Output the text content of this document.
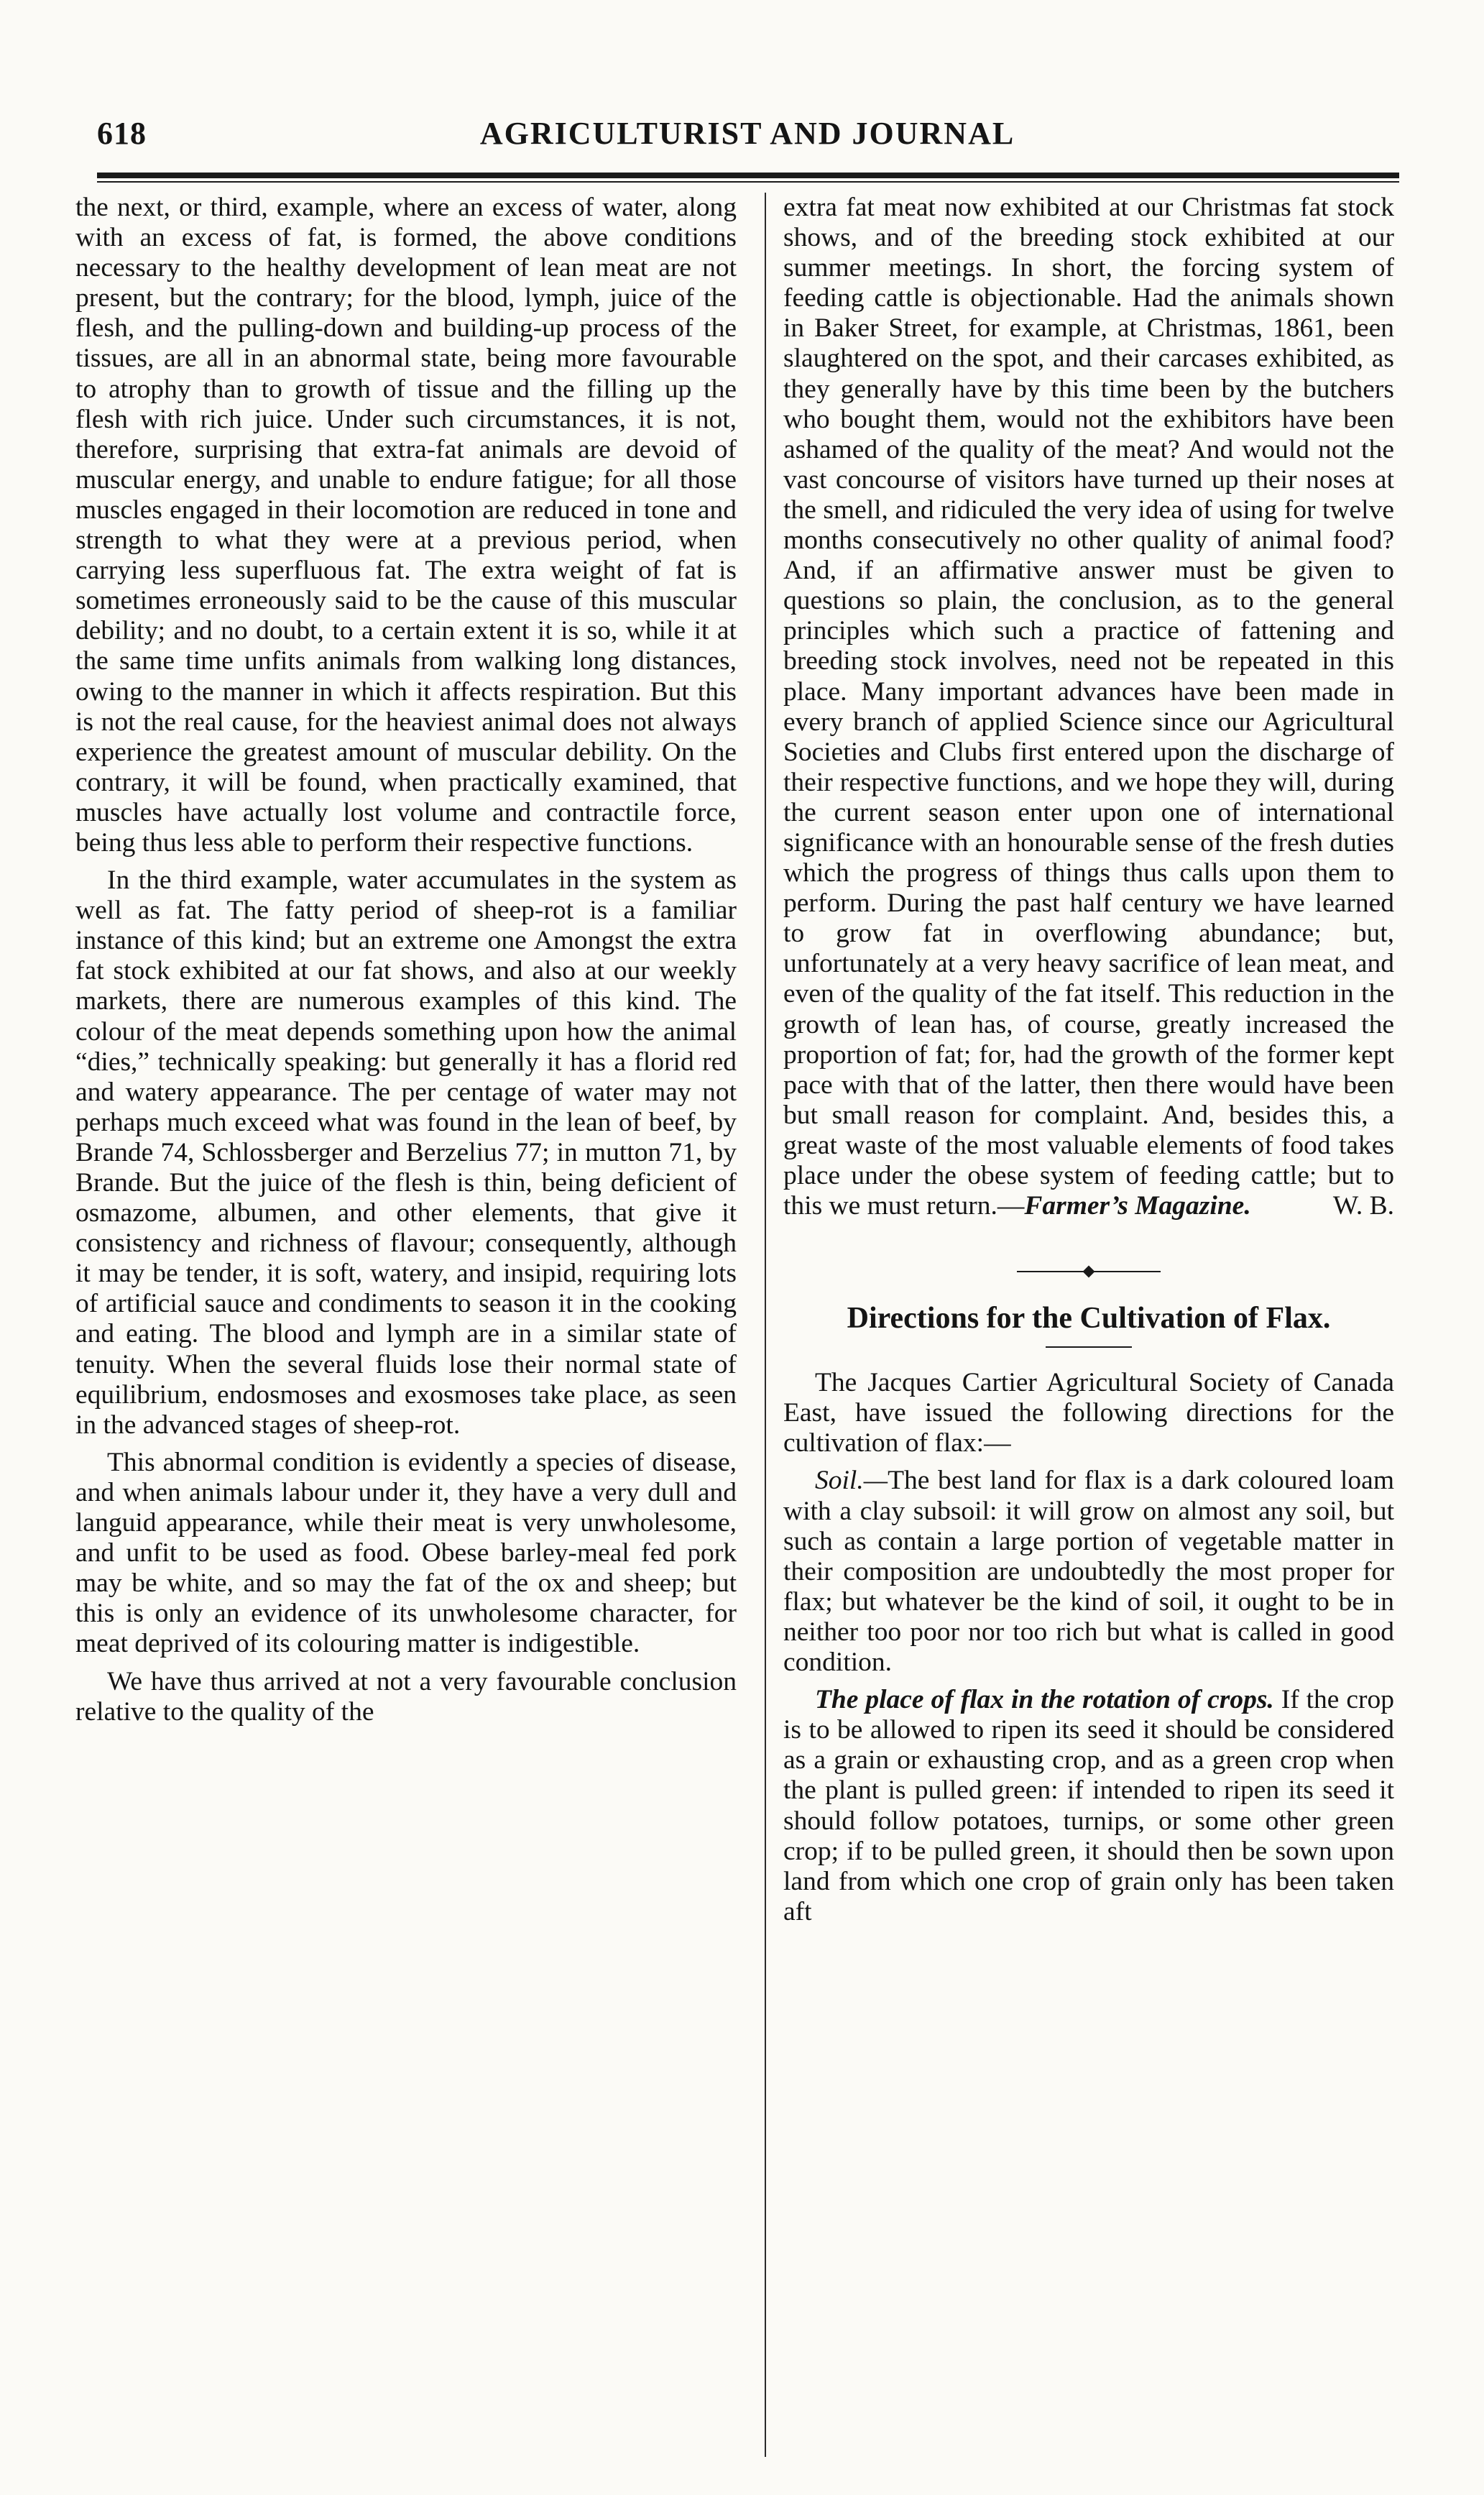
618	AGRICULTURIST AND JOURNAL

the next, or third, example, where an excess of water, along with an excess of fat, is formed, the above conditions necessary to the healthy development of lean meat are not present, but the contrary; for the blood, lymph, juice of the flesh, and the pulling-down and building-up process of the tissues, are all in an abnormal state, being more favourable to atrophy than to growth of tissue and the filling up the flesh with rich juice. Under such circumstances, it is not, therefore, surprising that extra-fat animals are devoid of muscular energy, and unable to endure fatigue; for all those muscles engaged in their locomotion are reduced in tone and strength to what they were at a previous period, when carrying less superfluous fat. The extra weight of fat is sometimes erroneously said to be the cause of this muscular debility; and no doubt, to a certain extent it is so, while it at the same time unfits animals from walking long distances, owing to the manner in which it affects respiration. But this is not the real cause, for the heaviest animal does not always experience the greatest amount of muscular debility. On the contrary, it will be found, when practically examined, that muscles have actually lost volume and contractile force, being thus less able to perform their respective functions.

In the third example, water accumulates in the system as well as fat. The fatty period of sheep-rot is a familiar instance of this kind; but an extreme one Amongst the extra fat stock exhibited at our fat shows, and also at our weekly markets, there are numerous examples of this kind. The colour of the meat depends something upon how the animal “dies,” technically speaking: but generally it has a florid red and watery appearance. The per centage of water may not perhaps much exceed what was found in the lean of beef, by Brande 74, Schlossberger and Berzelius 77; in mutton 71, by Brande. But the juice of the flesh is thin, being deficient of osmazome, albumen, and other elements, that give it consistency and richness of flavour; consequently, although it may be tender, it is soft, watery, and insipid, requiring lots of artificial sauce and condiments to season it in the cooking and eating. The blood and lymph are in a similar state of tenuity. When the several fluids lose their normal state of equilibrium, endosmoses and exosmoses take place, as seen in the advanced stages of sheep-rot.

This abnormal condition is evidently a species of disease, and when animals labour under it, they have a very dull and languid appearance, while their meat is very unwholesome, and unfit to be used as food. Obese barley-meal fed pork may be white, and so may the fat of the ox and sheep; but this is only an evidence of its unwholesome character, for meat deprived of its colouring matter is indigestible.

We have thus arrived at not a very favourable conclusion relative to the quality of the

extra fat meat now exhibited at our Christmas fat stock shows, and of the breeding stock exhibited at our summer meetings. In short, the forcing system of feeding cattle is objectionable. Had the animals shown in Baker Street, for example, at Christmas, 1861, been slaughtered on the spot, and their carcases exhibited, as they generally have by this time been by the butchers who bought them, would not the exhibitors have been ashamed of the quality of the meat? And would not the vast concourse of visitors have turned up their noses at the smell, and ridiculed the very idea of using for twelve months consecutively no other quality of animal food? And, if an affirmative answer must be given to questions so plain, the conclusion, as to the general principles which such a practice of fattening and breeding stock involves, need not be repeated in this place. Many important advances have been made in every branch of applied Science since our Agricultural Societies and Clubs first entered upon the discharge of their respective functions, and we hope they will, during the current season enter upon one of international significance with an honourable sense of the fresh duties which the progress of things thus calls upon them to perform. During the past half century we have learned to grow fat in overflowing abundance; but, unfortunately at a very heavy sacrifice of lean meat, and even of the quality of the fat itself. This reduction in the growth of lean has, of course, greatly increased the proportion of fat; for, had the growth of the former kept pace with that of the latter, then there would have been but small reason for complaint. And, besides this, a great waste of the most valuable elements of food takes place under the obese system of feeding cattle; but to this we must return.—Farmer’s Magazine.	W. B.

Directions for the Cultivation of Flax.

The Jacques Cartier Agricultural Society of Canada East, have issued the following directions for the cultivation of flax:—

Soil.—The best land for flax is a dark coloured loam with a clay subsoil: it will grow on almost any soil, but such as contain a large portion of vegetable matter in their composition are undoubtedly the most proper for flax; but whatever be the kind of soil, it ought to be in neither too poor nor too rich but what is called in good condition.

The place of flax in the rotation of crops. If the crop is to be allowed to ripen its seed it should be considered as a grain or exhausting crop, and as a green crop when the plant is pulled green: if intended to ripen its seed it should follow potatoes, turnips, or some other green crop; if to be pulled green, it should then be sown upon land from which one crop of grain only has been taken aft
